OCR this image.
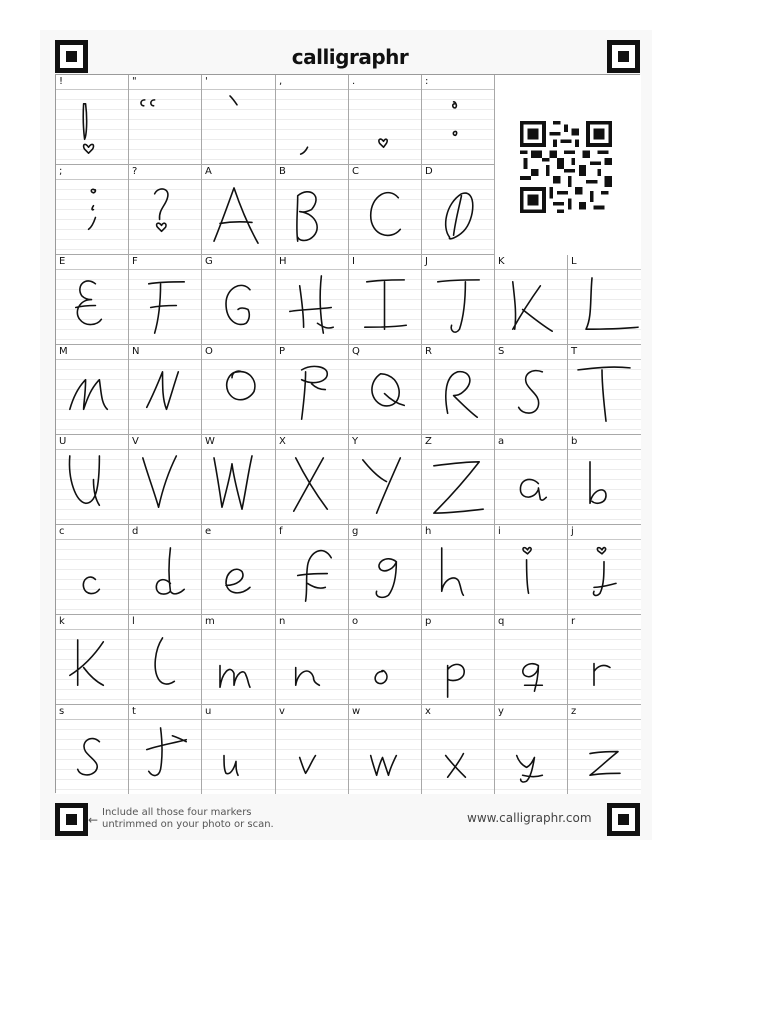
calligraphr
!	"	'	,	.	:
;	?	A	B	C	D
E	F	G	H	I	J	K	L
M	N	O	P	Q	R	S	T
U	V	W	X	Y	Z	a	b
c	d	e	f	g	h	i	j
k	l	m	n	o	p	q	r
s	t	u	v	w	x	y	z
←
Include all those four markers
untrimmed on your photo or scan.	www.calligraphr.com
